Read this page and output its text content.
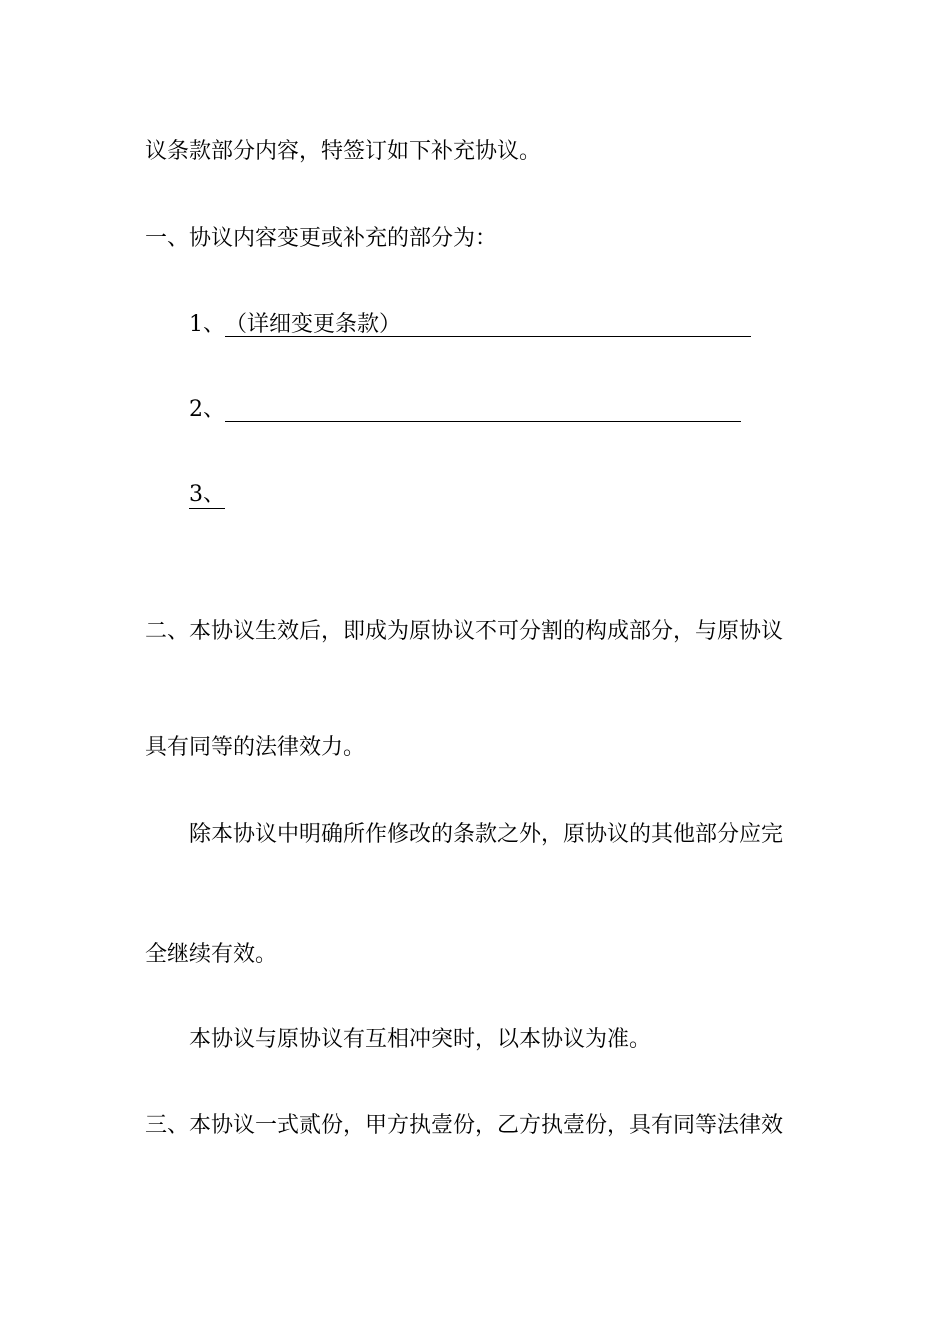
议条款部分内容，特签订如下补充协议。
一、协议内容变更或补充的部分为：
1、（详细变更条款）
2、
3、
二、本协议生效后，即成为原协议不可分割的构成部分，与原协议
具有同等的法律效力。
除本协议中明确所作修改的条款之外，原协议的其他部分应完
全继续有效。
本协议与原协议有互相冲突时，以本协议为准。
三、本协议一式贰份，甲方执壹份，乙方执壹份，具有同等法律效
